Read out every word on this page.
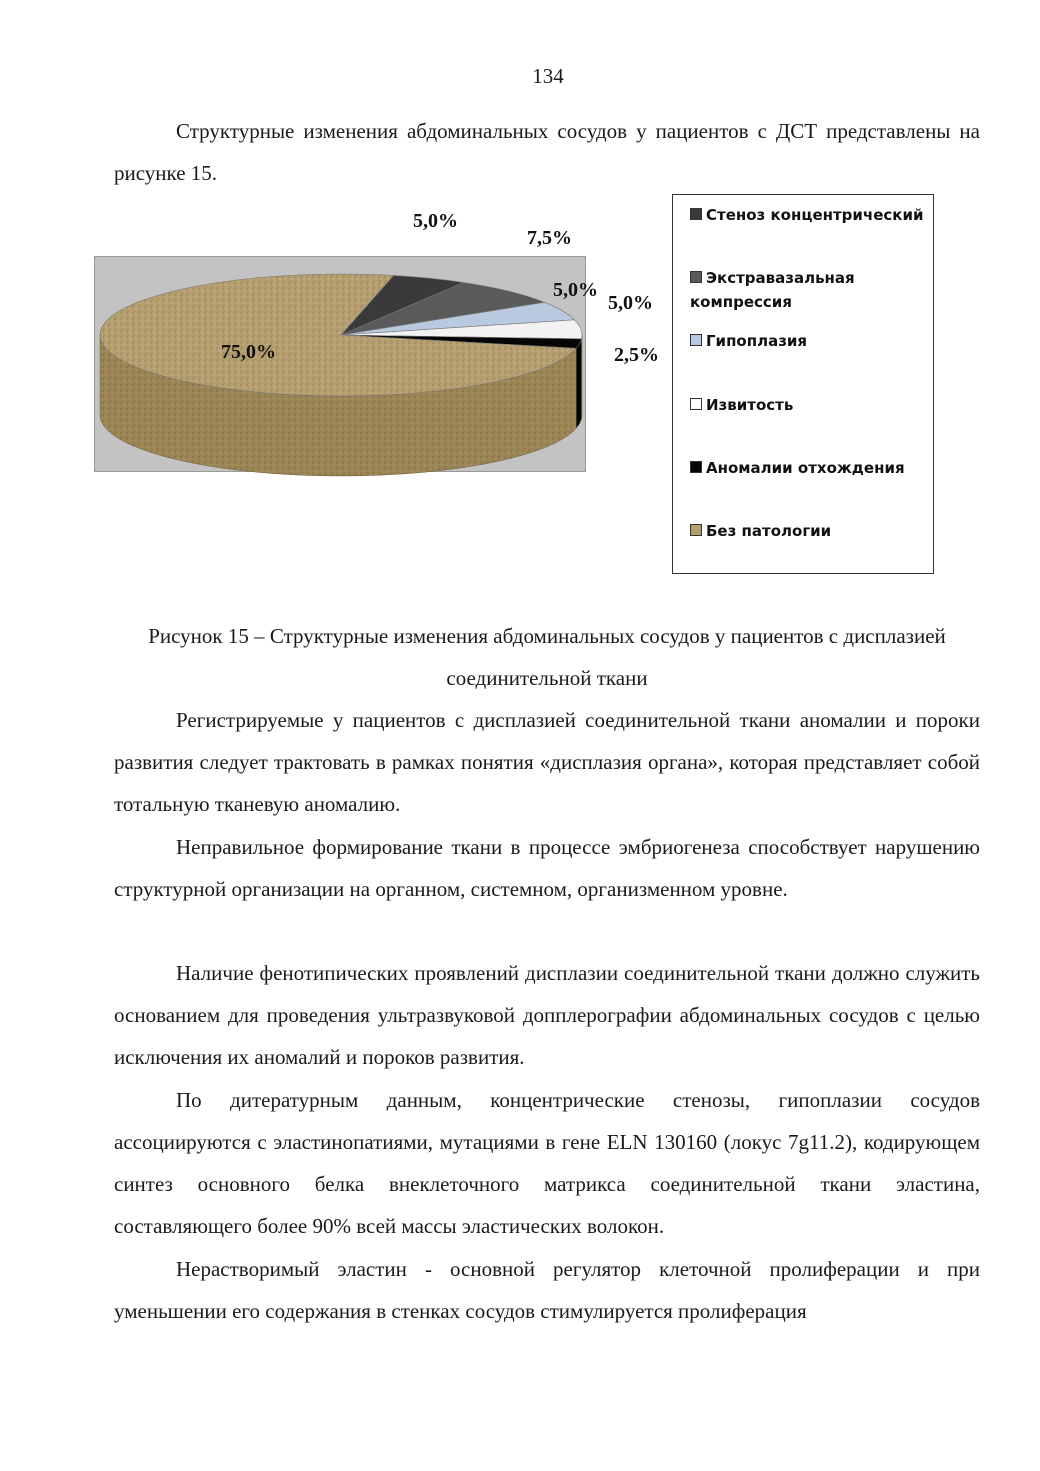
134

Структурные изменения абдоминальных сосудов у пациентов с ДСТ представлены на рисунке 15.

5,0%
7,5%
5,0%
5,0%
2,5%
75,0%
Стеноз концентрический
Экстравазальная компрессия
Гипоплазия
Извитость
Аномалии отхождения
Без патологии

Рисунок 15 – Структурные изменения абдоминальных сосудов у пациентов с дисплазией соединительной ткани

Регистрируемые у пациентов с дисплазией соединительной ткани аномалии и пороки развития следует трактовать в рамках понятия «дисплазия органа», которая представляет собой тотальную тканевую аномалию.

Неправильное формирование ткани в процессе эмбриогенеза способствует нарушению структурной организации на органном, системном, организменном уровне.

Наличие фенотипических проявлений дисплазии соединительной ткани должно служить основанием для проведения ультразвуковой допплерографии абдоминальных сосудов с целью исключения их аномалий и пороков развития.

По дитературным данным, концентрические стенозы, гипоплазии сосудов ассоциируются с эластинопатиями, мутациями в гене ELN 130160 (локус 7g11.2), кодирующем синтез основного белка внеклеточного матрикса соединительной ткани эластина, составляющего более 90% всей массы эластических волокон.

Нерастворимый эластин - основной регулятор клеточной пролиферации и при уменьшении его содержания в стенках сосудов стимулируется пролиферация
